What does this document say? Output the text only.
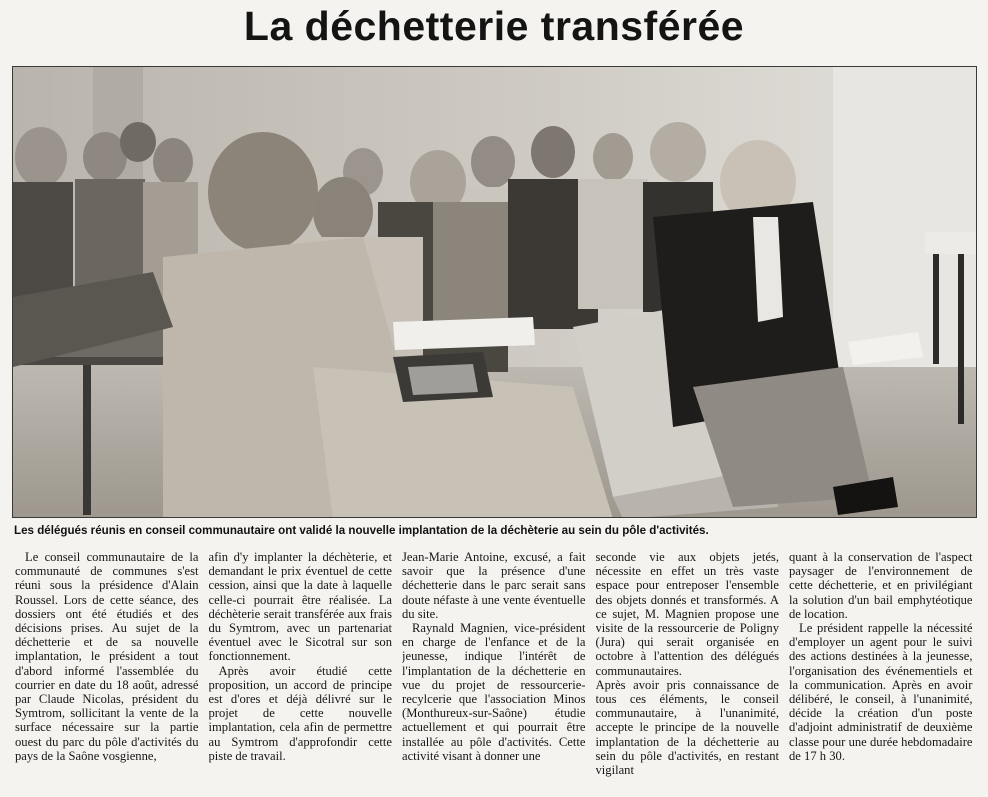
La déchetterie transférée
Les délégués réunis en conseil communautaire ont validé la nouvelle implantation de la déchèterie au sein du pôle d'activités.

Le conseil communautaire de la communauté de communes s'est réuni sous la présidence d'Alain Roussel. Lors de cette séance, des dossiers ont été étudiés et des décisions prises. Au sujet de la déchetterie et de sa nouvelle implantation, le président a tout d'abord informé l'assemblée du courrier en date du 18 août, adressé par Claude Nicolas, président du Symtrom, sollicitant la vente de la surface nécessaire sur la partie ouest du parc du pôle d'activités du pays de la Saône vosgienne,

afin d'y implanter la déchèterie, et demandant le prix éventuel de cette cession, ainsi que la date à laquelle celle-ci pourrait être réalisée. La déchèterie serait transférée aux frais du Symtrom, avec un partenariat éventuel avec le Sicotral sur son fonctionnement.

Après avoir étudié cette proposition, un accord de principe est d'ores et déjà délivré sur le projet de cette nouvelle implantation, cela afin de permettre au Symtrom d'approfondir cette piste de travail.

Jean-Marie Antoine, excusé, a fait savoir que la présence d'une déchetterie dans le parc serait sans doute néfaste à une vente éventuelle du site.

Raynald Magnien, vice-président en charge de l'enfance et de la jeunesse, indique l'intérêt de l'implantation de la déchetterie en vue du projet de ressourcerie-recylcerie que l'association Minos (Monthureux-sur-Saône) étudie actuellement et qui pourrait être installée au pôle d'activités. Cette activité visant à donner une

seconde vie aux objets jetés, nécessite en effet un très vaste espace pour entreposer l'ensemble des objets donnés et transformés. A ce sujet, M. Magnien propose une visite de la ressourcerie de Poligny (Jura) qui serait organisée en octobre à l'attention des délégués communautaires.

Après avoir pris connaissance de tous ces éléments, le conseil communautaire, à l'unanimité, accepte le principe de la nouvelle implantation de la déchetterie au sein du pôle d'activités, en restant vigilant

quant à la conservation de l'aspect paysager de l'environnement de cette déchetterie, et en privilégiant la solution d'un bail emphytéotique de location.

Le président rappelle la nécessité d'employer un agent pour le suivi des actions destinées à la jeunesse, l'organisation des événementiels et la communication. Après en avoir délibéré, le conseil, à l'unanimité, décide la création d'un poste d'adjoint administratif de deuxième classe pour une durée hebdomadaire de 17 h 30.
